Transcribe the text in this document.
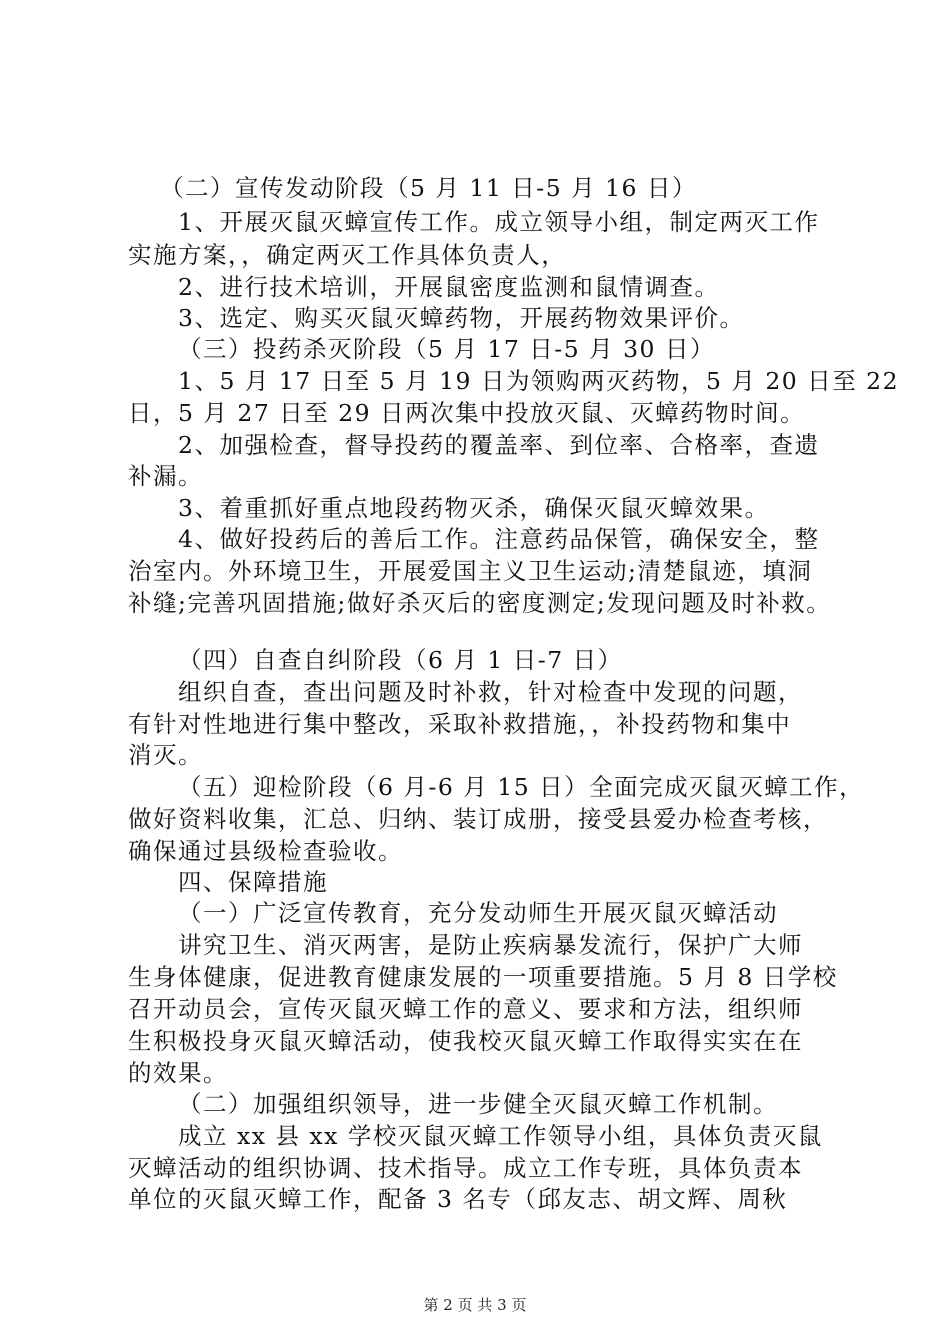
（二）宣传发动阶段（5 月 11 日-5 月 16 日）
1、开展灭鼠灭蟑宣传工作。成立领导小组，制定两灭工作
实施方案，，确定两灭工作具体负责人，
2、进行技术培训，开展鼠密度监测和鼠情调查。
3、选定、购买灭鼠灭蟑药物，开展药物效果评价。
（三）投药杀灭阶段（5 月 17 日-5 月 30 日）
1、5 月 17 日至 5 月 19 日为领购两灭药物，5 月 20 日至 22
日，5 月 27 日至 29 日两次集中投放灭鼠、灭蟑药物时间。
2、加强检查，督导投药的覆盖率、到位率、合格率，查遗
补漏。
3、着重抓好重点地段药物灭杀，确保灭鼠灭蟑效果。
4、做好投药后的善后工作。注意药品保管，确保安全，整
治室内。外环境卫生，开展爱国主义卫生运动;清楚鼠迹，填洞
补缝;完善巩固措施;做好杀灭后的密度测定;发现问题及时补救。
（四）自查自纠阶段（6 月 1 日-7 日）
组织自查，查出问题及时补救，针对检查中发现的问题，
有针对性地进行集中整改，采取补救措施，，补投药物和集中
消灭。
（五）迎检阶段（6 月-6 月 15 日）全面完成灭鼠灭蟑工作，
做好资料收集，汇总、归纳、装订成册，接受县爱办检查考核，
确保通过县级检查验收。
四、保障措施
（一）广泛宣传教育，充分发动师生开展灭鼠灭蟑活动
讲究卫生、消灭两害，是防止疾病暴发流行，保护广大师
生身体健康，促进教育健康发展的一项重要措施。5 月 8 日学校
召开动员会，宣传灭鼠灭蟑工作的意义、要求和方法，组织师
生积极投身灭鼠灭蟑活动，使我校灭鼠灭蟑工作取得实实在在
的效果。
（二）加强组织领导，进一步健全灭鼠灭蟑工作机制。
成立 xx 县 xx 学校灭鼠灭蟑工作领导小组，具体负责灭鼠
灭蟑活动的组织协调、技术指导。成立工作专班，具体负责本
单位的灭鼠灭蟑工作，配备 3 名专（邱友志、胡文辉、周秋
第 2 页 共 3 页
